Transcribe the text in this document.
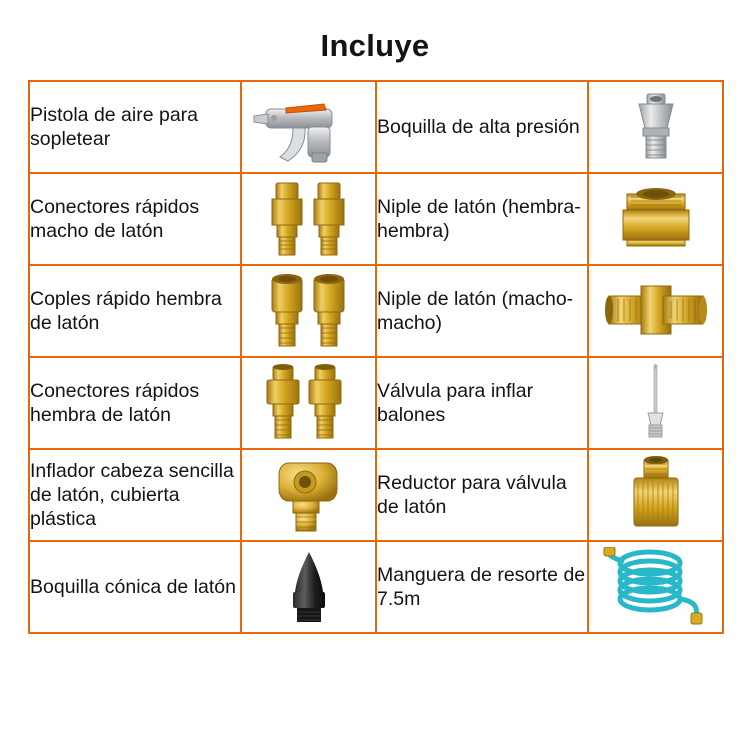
Incluye
Pistola de aire para sopletear		Boquilla de alta presión	

Conectores rápidos macho de latón		Niple de latón (hembra-hembra)	

Coples rápido hembra de latón		Niple de latón (macho-macho)	

Conectores rápidos hembra de latón		Válvula para inflar balones	

Inflador cabeza sencilla de latón, cubierta plástica		Reductor para válvula de latón	

Boquilla cónica de latón		Manguera de resorte de 7.5m	
